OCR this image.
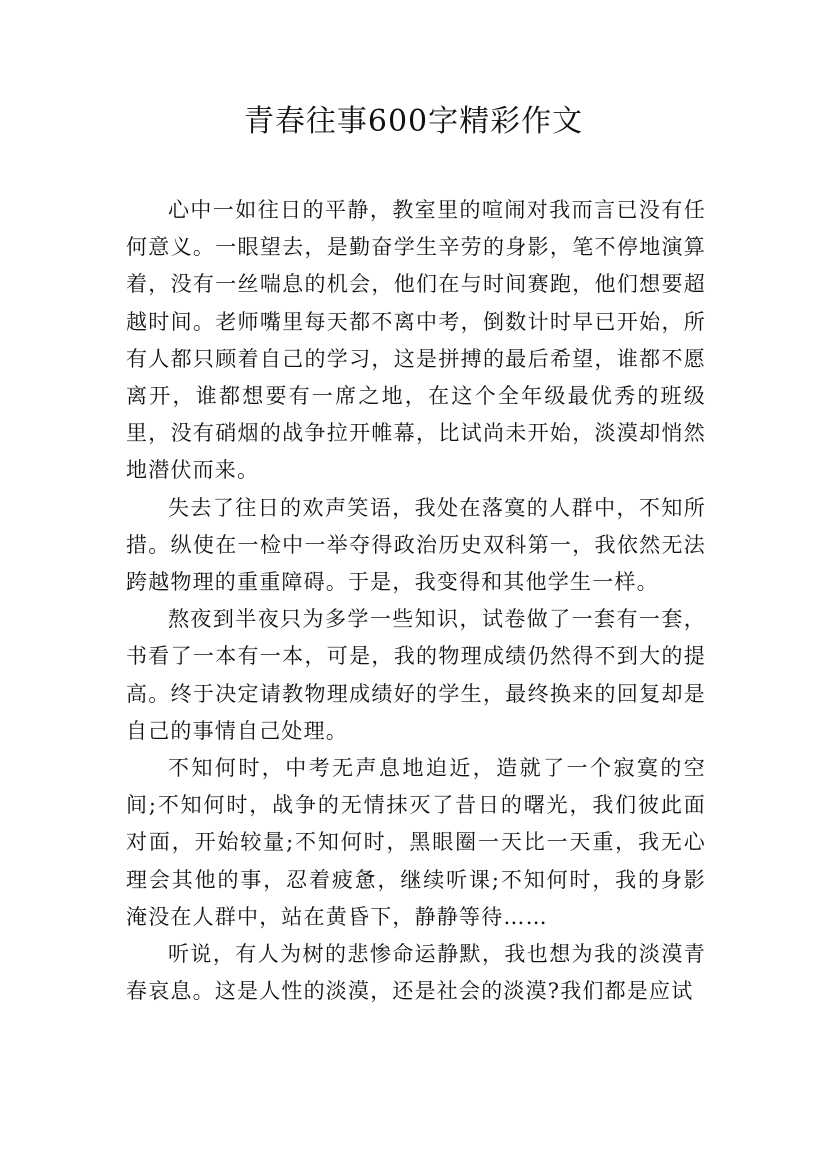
青春往事600字精彩作文

心中一如往日的平静，教室里的喧闹对我而言已没有任何意义。一眼望去，是勤奋学生辛劳的身影，笔不停地演算着，没有一丝喘息的机会，他们在与时间赛跑，他们想要超越时间。老师嘴里每天都不离中考，倒数计时早已开始，所有人都只顾着自己的学习，这是拼搏的最后希望，谁都不愿离开，谁都想要有一席之地，在这个全年级最优秀的班级里，没有硝烟的战争拉开帷幕，比试尚未开始，淡漠却悄然地潜伏而来。

失去了往日的欢声笑语，我处在落寞的人群中，不知所措。纵使在一检中一举夺得政治历史双科第一，我依然无法跨越物理的重重障碍。于是，我变得和其他学生一样。

熬夜到半夜只为多学一些知识，试卷做了一套有一套，书看了一本有一本，可是，我的物理成绩仍然得不到大的提高。终于决定请教物理成绩好的学生，最终换来的回复却是自己的事情自己处理。

不知何时，中考无声息地迫近，造就了一个寂寞的空间;不知何时，战争的无情抹灭了昔日的曙光，我们彼此面对面，开始较量;不知何时，黑眼圈一天比一天重，我无心理会其他的事，忍着疲惫，继续听课;不知何时，我的身影淹没在人群中，站在黄昏下，静静等待……

听说，有人为树的悲惨命运静默，我也想为我的淡漠青春哀息。这是人性的淡漠，还是社会的淡漠?我们都是应试
